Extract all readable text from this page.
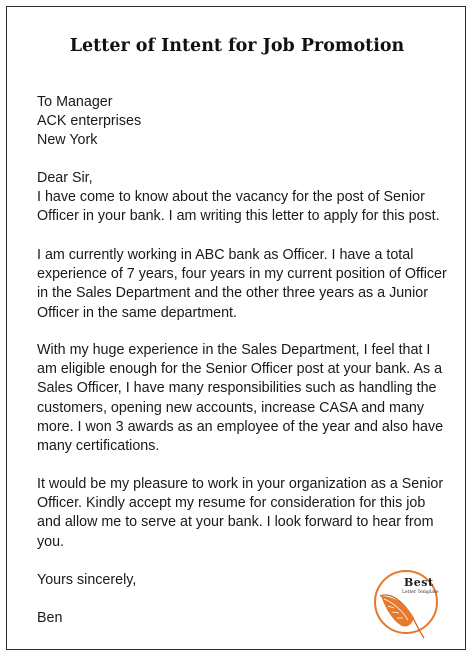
Letter of Intent for Job Promotion
To Manager
ACK enterprises
New York
Dear Sir,
I have come to know about the vacancy for the post of Senior
Officer in your bank. I am writing this letter to apply for this post.
I am currently working in ABC bank as Officer. I have a total
experience of 7 years, four years in my current position of Officer
in the Sales Department and the other three years as a Junior
Officer in the same department.
With my huge experience in the Sales Department, I feel that I
am eligible enough for the Senior Officer post at your bank. As a
Sales Officer, I have many responsibilities such as handling the
customers, opening new accounts, increase CASA and many
more. I won 3 awards as an employee of the year and also have
many certifications.
It would be my pleasure to work in your organization as a Senior
Officer. Kindly accept my resume for consideration for this job
and allow me to serve at your bank. I look forward to hear from
you.
Yours sincerely,
Ben
Best
Letter Template
